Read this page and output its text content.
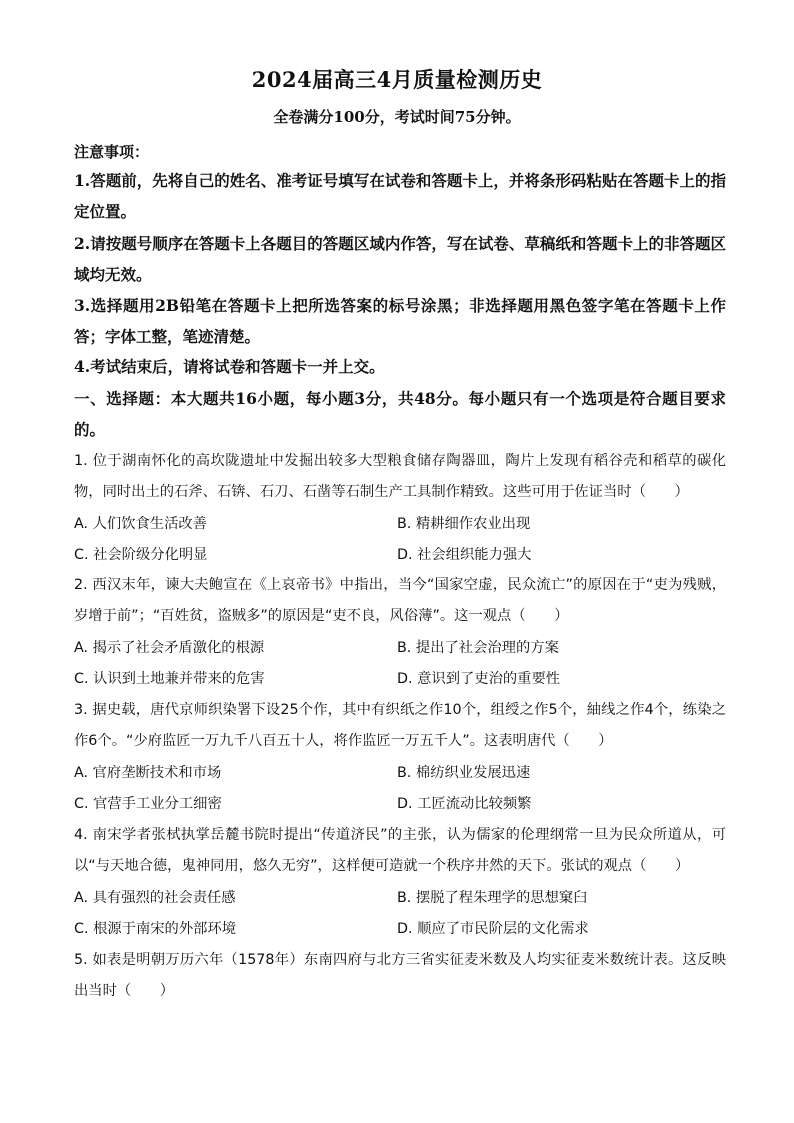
2024届高三4月质量检测历史
全卷满分100分，考试时间75分钟。
注意事项：
1.答题前，先将自己的姓名、准考证号填写在试卷和答题卡上，并将条形码粘贴在答题卡上的指定位置。
2.请按题号顺序在答题卡上各题目的答题区域内作答，写在试卷、草稿纸和答题卡上的非答题区域均无效。
3.选择题用2B铅笔在答题卡上把所选答案的标号涂黑；非选择题用黑色签字笔在答题卡上作答；字体工整，笔迹清楚。
4.考试结束后，请将试卷和答题卡一并上交。
一、选择题：本大题共16小题，每小题3分，共48分。每小题只有一个选项是符合题目要求的。
1. 位于湖南怀化的高坎陇遗址中发掘出较多大型粮食储存陶器皿，陶片上发现有稻谷壳和稻草的碳化物，同时出土的石斧、石锛、石刀、石凿等石制生产工具制作精致。这些可用于佐证当时（　　）
A. 人们饮食生活改善	B. 精耕细作农业出现
C. 社会阶级分化明显	D. 社会组织能力强大
2. 西汉末年，谏大夫鲍宣在《上哀帝书》中指出，当今“国家空虚，民众流亡”的原因在于“吏为残贼，岁增于前”；“百姓贫，盗贼多”的原因是“吏不良，风俗薄”。这一观点（　　）
A. 揭示了社会矛盾激化的根源	B. 提出了社会治理的方案
C. 认识到土地兼并带来的危害	D. 意识到了吏治的重要性
3. 据史载，唐代京师织染署下设25个作，其中有织纸之作10个，组绶之作5个，紬线之作4个，练染之作6个。“少府监匠一万九千八百五十人，将作监匠一万五千人”。这表明唐代（　　）
A. 官府垄断技术和市场	B. 棉纺织业发展迅速
C. 官营手工业分工细密	D. 工匠流动比较频繁
4. 南宋学者张栻执掌岳麓书院时提出“传道济民”的主张，认为儒家的伦理纲常一旦为民众所道从，可以“与天地合德，鬼神同用，悠久无穷”，这样便可造就一个秩序井然的天下。张试的观点（　　）
A. 具有强烈的社会责任感	B. 摆脱了程朱理学的思想窠臼
C. 根源于南宋的外部环境	D. 顺应了市民阶层的文化需求
5. 如表是明朝万历六年（1578年）东南四府与北方三省实征麦米数及人均实征麦米数统计表。这反映出当时（　　）
